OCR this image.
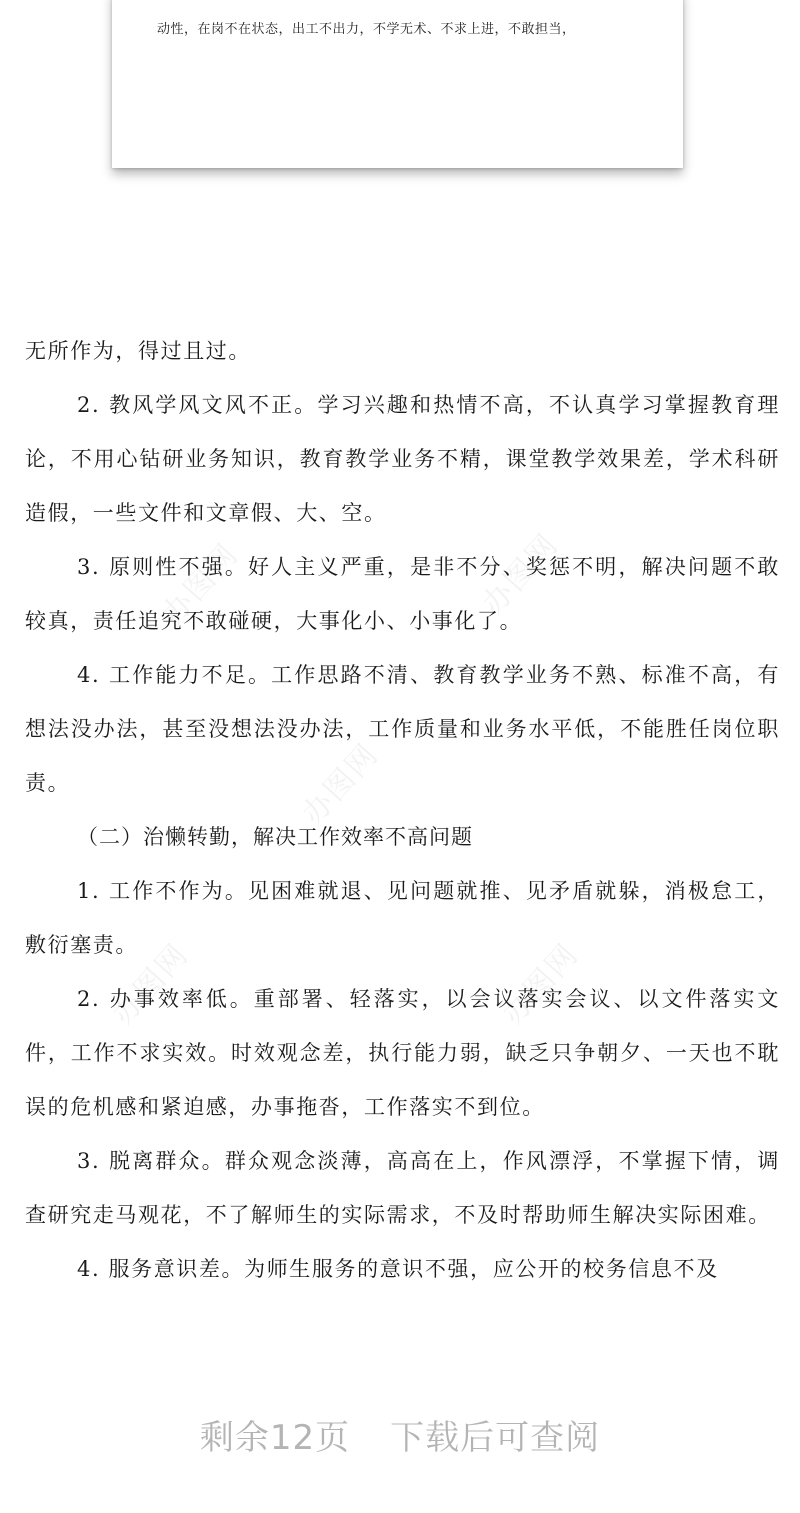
动性，在岗不在状态，出工不出力，不学无术、不求上进，不敢担当，
办图网	办图网
办图网
办图网	办图网

无所作为，得过且过。

2. 教风学风文风不正。学习兴趣和热情不高，不认真学习掌握教育理论，不用心钻研业务知识，教育教学业务不精，课堂教学效果差，学术科研造假，一些文件和文章假、大、空。

3. 原则性不强。好人主义严重，是非不分、奖惩不明，解决问题不敢较真，责任追究不敢碰硬，大事化小、小事化了。

4. 工作能力不足。工作思路不清、教育教学业务不熟、标准不高，有想法没办法，甚至没想法没办法，工作质量和业务水平低，不能胜任岗位职责。

（二）治懒转勤，解决工作效率不高问题

1. 工作不作为。见困难就退、见问题就推、见矛盾就躲，消极怠工，敷衍塞责。

2. 办事效率低。重部署、轻落实，以会议落实会议、以文件落实文件，工作不求实效。时效观念差，执行能力弱，缺乏只争朝夕、一天也不耽误的危机感和紧迫感，办事拖沓，工作落实不到位。

3. 脱离群众。群众观念淡薄，高高在上，作风漂浮，不掌握下情，调查研究走马观花，不了解师生的实际需求，不及时帮助师生解决实际困难。

4. 服务意识差。为师生服务的意识不强，应公开的校务信息不及

剩余12页 下载后可查阅
